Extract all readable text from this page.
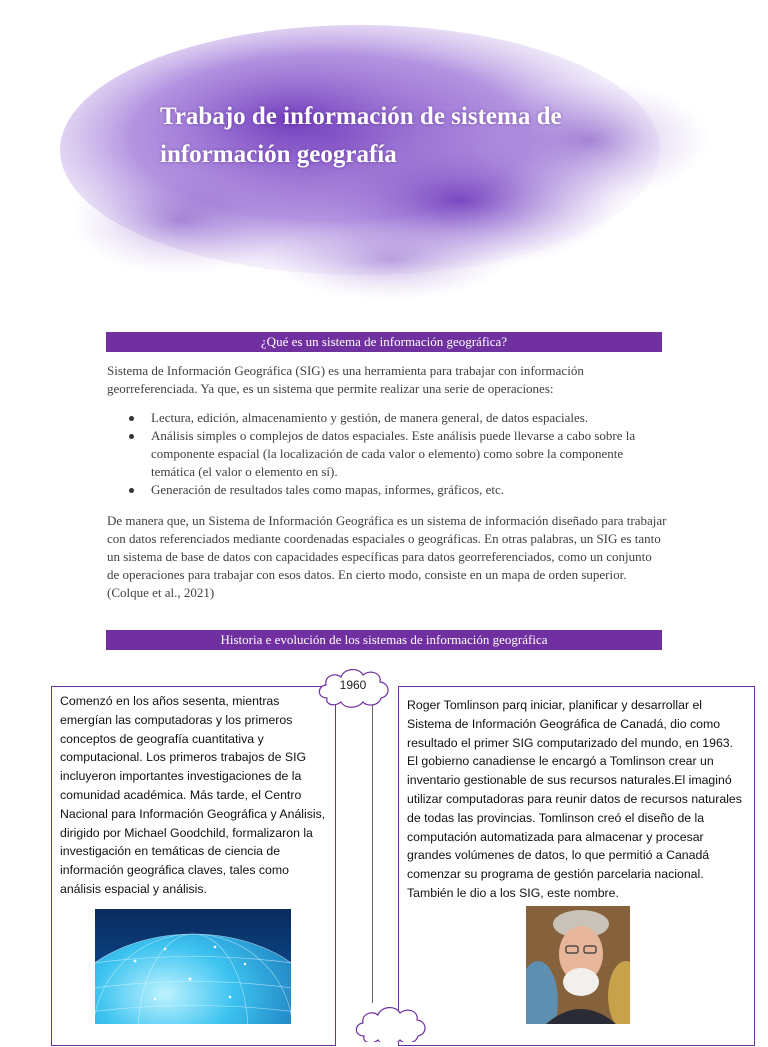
Trabajo de información de sistema de información geografía
¿Qué es un sistema de información geográfica?

Sistema de Información Geográfica (SIG) es una herramienta para trabajar con información georreferenciada. Ya que, es un sistema que permite realizar una serie de operaciones:

Lectura, edición, almacenamiento y gestión, de manera general, de datos espaciales.
Análisis simples o complejos de datos espaciales. Este análisis puede llevarse a cabo sobre la componente espacial (la localización de cada valor o elemento) como sobre la componente temática (el valor o elemento en sí).
Generación de resultados tales como mapas, informes, gráficos, etc.

De manera que, un Sistema de Información Geográfica es un sistema de información diseñado para trabajar con datos referenciados mediante coordenadas espaciales o geográficas. En otras palabras, un SIG es tanto un sistema de base de datos con capacidades específicas para datos georreferenciados, como un conjunto de operaciones para trabajar con esos datos. En cierto modo, consiste en un mapa de orden superior. (Colque et al., 2021)

Historia e evolución de los sistemas de información geográfica

Comenzó en los años sesenta, mientras emergían las computadoras y los primeros conceptos de geografía cuantitativa y computacional. Los primeros trabajos de SIG incluyeron importantes investigaciones de la comunidad académica. Más tarde, el Centro Nacional para Información Geográfica y Análisis, dirigido por Michael Goodchild, formalizaron la investigación en temáticas de ciencia de información geográfica claves, tales como análisis espacial y análisis.

Roger Tomlinson parq iniciar, planificar y desarrollar el Sistema de Información Geográfica de Canadá, dio como resultado el primer SIG computarizado del mundo, en 1963. El gobierno canadiense le encargó a Tomlinson crear un inventario gestionable de sus recursos naturales.El imaginó utilizar computadoras para reunir datos de recursos naturales de todas las provincias. Tomlinson creó el diseño de la computación automatizada para almacenar y procesar grandes volúmenes de datos, lo que permitió a Canadá comenzar su programa de gestión parcelaria nacional. También le dio a los SIG, este nombre.

1960
